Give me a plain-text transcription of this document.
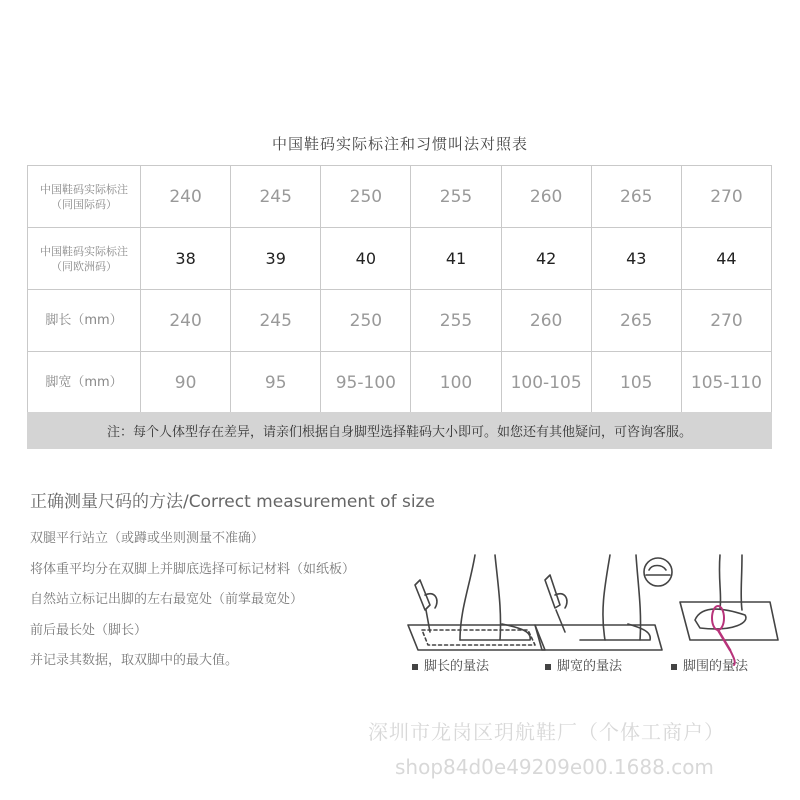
中国鞋码实际标注和习惯叫法对照表
中国鞋码实际标注
（同国际码）	240	245	250	255	260	265	270

中国鞋码实际标注
（同欧洲码）	38	39	40	41	42	43	44
脚长（mm）	240	245	250	255	260	265	270
脚宽（mm）	90	95	95-100	100	100-105	105	105-110
注：每个人体型存在差异，请亲们根据自身脚型选择鞋码大小即可。如您还有其他疑问，可咨询客服。
正确测量尺码的方法/Correct measurement of size
双腿平行站立（或蹲或坐则测量不准确）
将体重平均分在双脚上并脚底选择可标记材料（如纸板）
自然站立标记出脚的左右最宽处（前掌最宽处）
前后最长处（脚长）
并记录其数据，取双脚中的最大值。	脚长的量法	脚宽的量法	脚围的量法
深圳市龙岗区玥航鞋厂（个体工商户）
shop84d0e49209e00.1688.com
